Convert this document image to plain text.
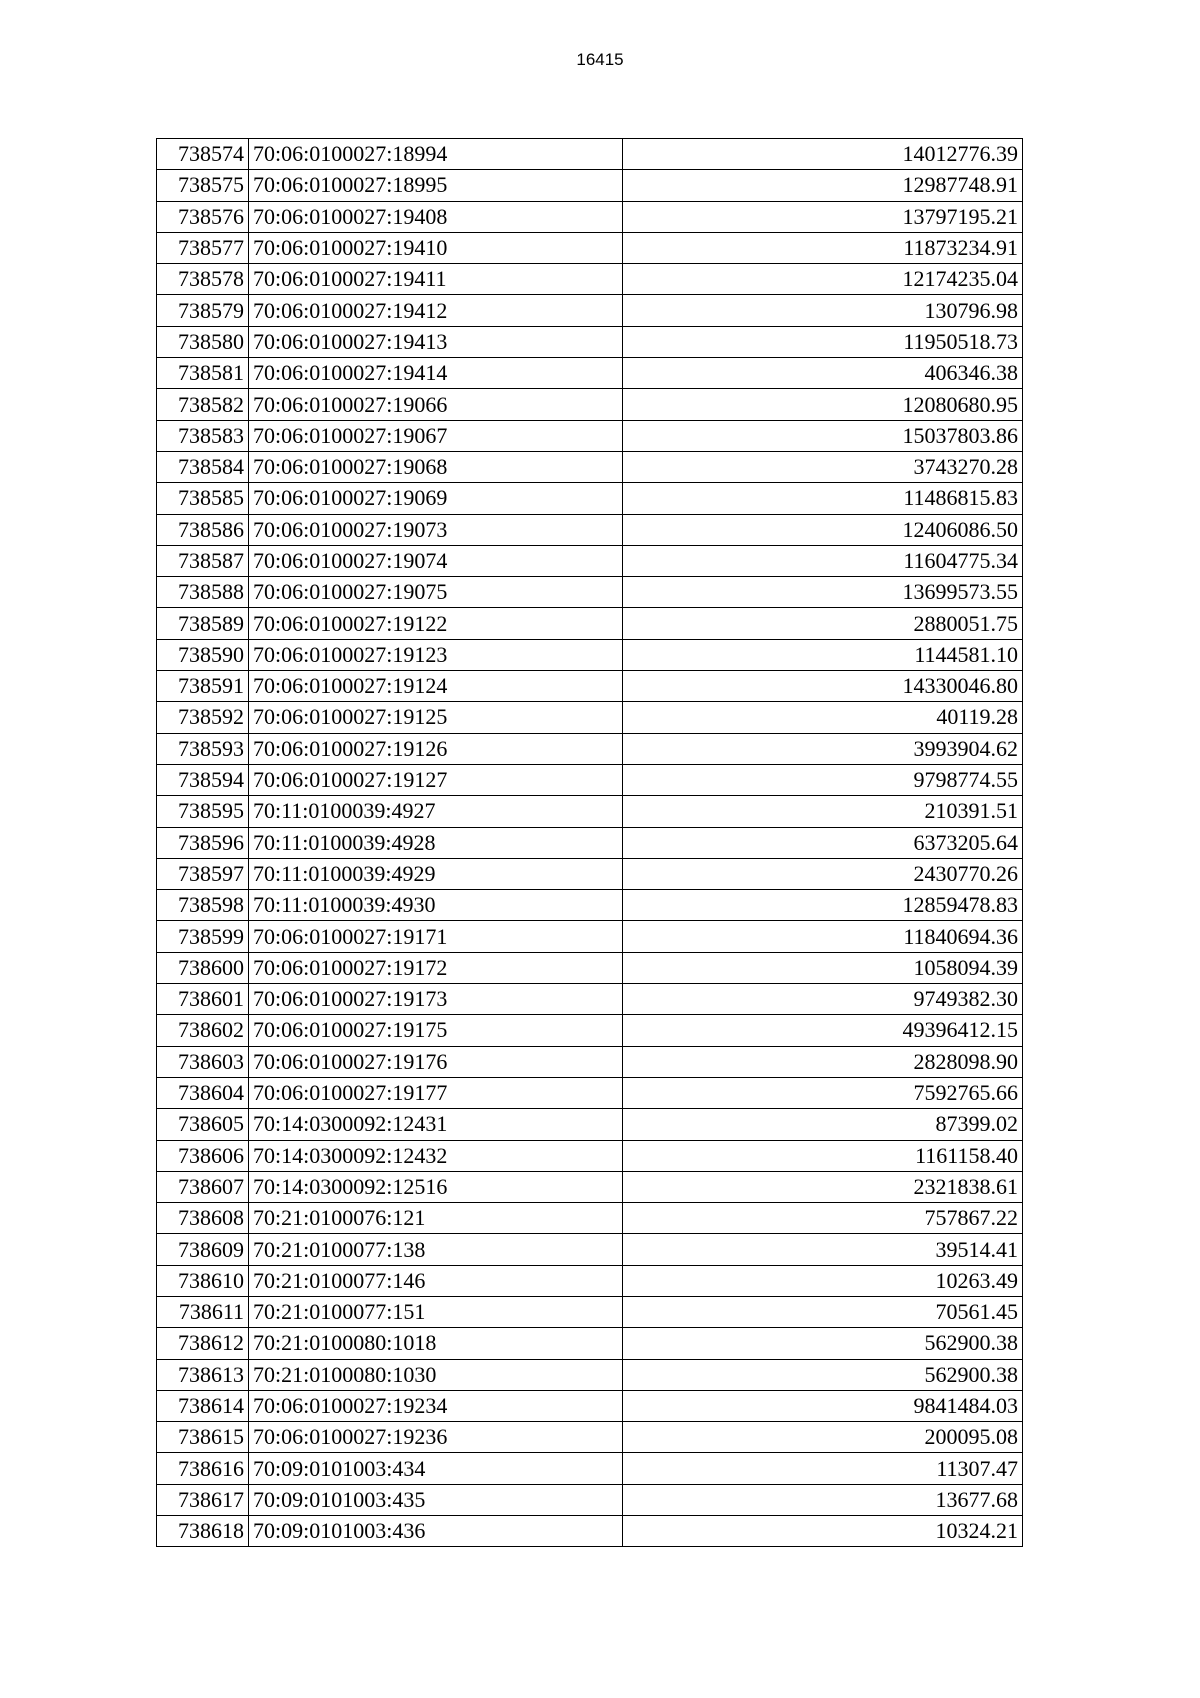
16415
738574	70:06:0100027:18994	14012776.39
738575	70:06:0100027:18995	12987748.91
738576	70:06:0100027:19408	13797195.21
738577	70:06:0100027:19410	11873234.91
738578	70:06:0100027:19411	12174235.04
738579	70:06:0100027:19412	130796.98
738580	70:06:0100027:19413	11950518.73
738581	70:06:0100027:19414	406346.38
738582	70:06:0100027:19066	12080680.95
738583	70:06:0100027:19067	15037803.86
738584	70:06:0100027:19068	3743270.28
738585	70:06:0100027:19069	11486815.83
738586	70:06:0100027:19073	12406086.50
738587	70:06:0100027:19074	11604775.34
738588	70:06:0100027:19075	13699573.55
738589	70:06:0100027:19122	2880051.75
738590	70:06:0100027:19123	1144581.10
738591	70:06:0100027:19124	14330046.80
738592	70:06:0100027:19125	40119.28
738593	70:06:0100027:19126	3993904.62
738594	70:06:0100027:19127	9798774.55
738595	70:11:0100039:4927	210391.51
738596	70:11:0100039:4928	6373205.64
738597	70:11:0100039:4929	2430770.26
738598	70:11:0100039:4930	12859478.83
738599	70:06:0100027:19171	11840694.36
738600	70:06:0100027:19172	1058094.39
738601	70:06:0100027:19173	9749382.30
738602	70:06:0100027:19175	49396412.15
738603	70:06:0100027:19176	2828098.90
738604	70:06:0100027:19177	7592765.66
738605	70:14:0300092:12431	87399.02
738606	70:14:0300092:12432	1161158.40
738607	70:14:0300092:12516	2321838.61
738608	70:21:0100076:121	757867.22
738609	70:21:0100077:138	39514.41
738610	70:21:0100077:146	10263.49
738611	70:21:0100077:151	70561.45
738612	70:21:0100080:1018	562900.38
738613	70:21:0100080:1030	562900.38
738614	70:06:0100027:19234	9841484.03
738615	70:06:0100027:19236	200095.08
738616	70:09:0101003:434	11307.47
738617	70:09:0101003:435	13677.68
738618	70:09:0101003:436	10324.21
